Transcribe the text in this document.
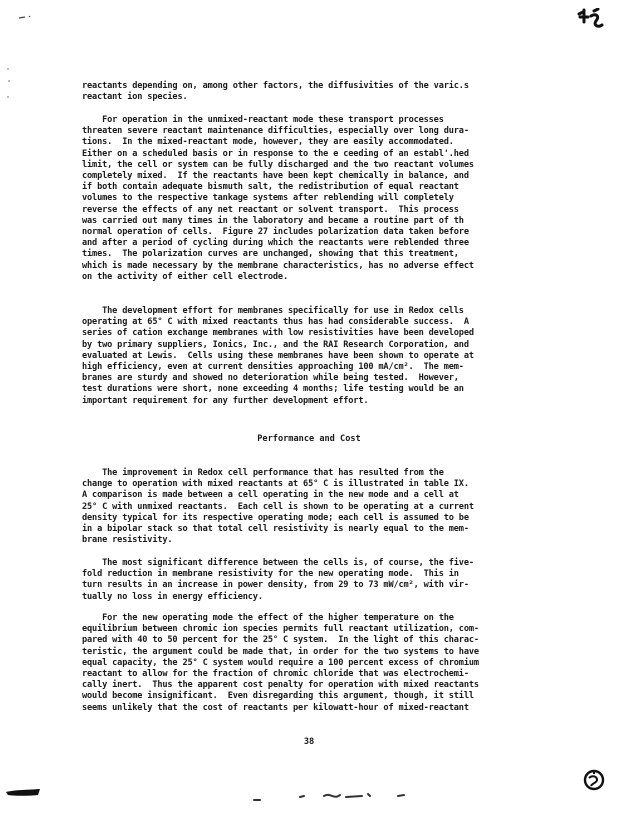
reactants depending on, among other factors, the diffusivities of the varic.s
reactant ion species.

For operation in the unmixed-reactant mode these transport processes
threaten severe reactant maintenance difficulties, especially over long dura-
tions.  In the mixed-reactant mode, however, they are easily accommodated.
Either on a scheduled basis or in response to the e ceeding of an establ'.hed
limit, the cell or system can be fully discharged and the two reactant volumes
completely mixed.  If the reactants have been kept chemically in balance, and
if both contain adequate bismuth salt, the redistribution of equal reactant
volumes to the respective tankage systems after reblending will completely
reverse the effects of any net reactant or solvent transport.  This process
was carried out many times in the laboratory and became a routine part of th
normal operation of cells.  Figure 27 includes polarization data taken before
and after a period of cycling during which the reactants were reblended three
times.  The polarization curves are unchanged, showing that this treatment,
which is made necessary by the membrane characteristics, has no adverse effect
on the activity of either cell electrode.

The development effort for membranes specifically for use in Redox cells
operating at 65° C with mixed reactants thus has had considerable success.  A
series of cation exchange membranes with low resistivities have been developed
by two primary suppliers, Ionics, Inc., and the RAI Research Corporation, and
evaluated at Lewis.  Cells using these membranes have been shown to operate at
high efficiency, even at current densities approaching 100 mA/cm².  The mem-
branes are sturdy and showed no deterioration while being tested.  However,
test durations were short, none exceeding 4 months; life testing would be an
important requirement for any further development effort.

Performance and Cost

The improvement in Redox cell performance that has resulted from the
change to operation with mixed reactants at 65° C is illustrated in table IX.
A comparison is made between a cell operating in the new mode and a cell at
25° C with unmixed reactants.  Each cell is shown to be operating at a current
density typical for its respective operating mode; each cell is assumed to be
in a bipolar stack so that total cell resistivity is nearly equal to the mem-
brane resistivity.

The most significant difference between the cells is, of course, the five-
fold reduction in membrane resistivity for the new operating mode.  This in
turn results in an increase in power density, from 29 to 73 mW/cm², with vir-
tually no loss in energy efficiency.

For the new operating mode the effect of the higher temperature on the
equilibrium between chromic ion species permits full reactant utilization, com-
pared with 40 to 50 percent for the 25° C system.  In the light of this charac-
teristic, the argument could be made that, in order for the two systems to have
equal capacity, the 25° C system would require a 100 percent excess of chromium
reactant to allow for the fraction of chromic chloride that was electrochemi-
cally inert.  Thus the apparent cost penalty for operation with mixed reactants
would become insignificant.  Even disregarding this argument, though, it still
seems unlikely that the cost of reactants per kilowatt-hour of mixed-reactant

38
